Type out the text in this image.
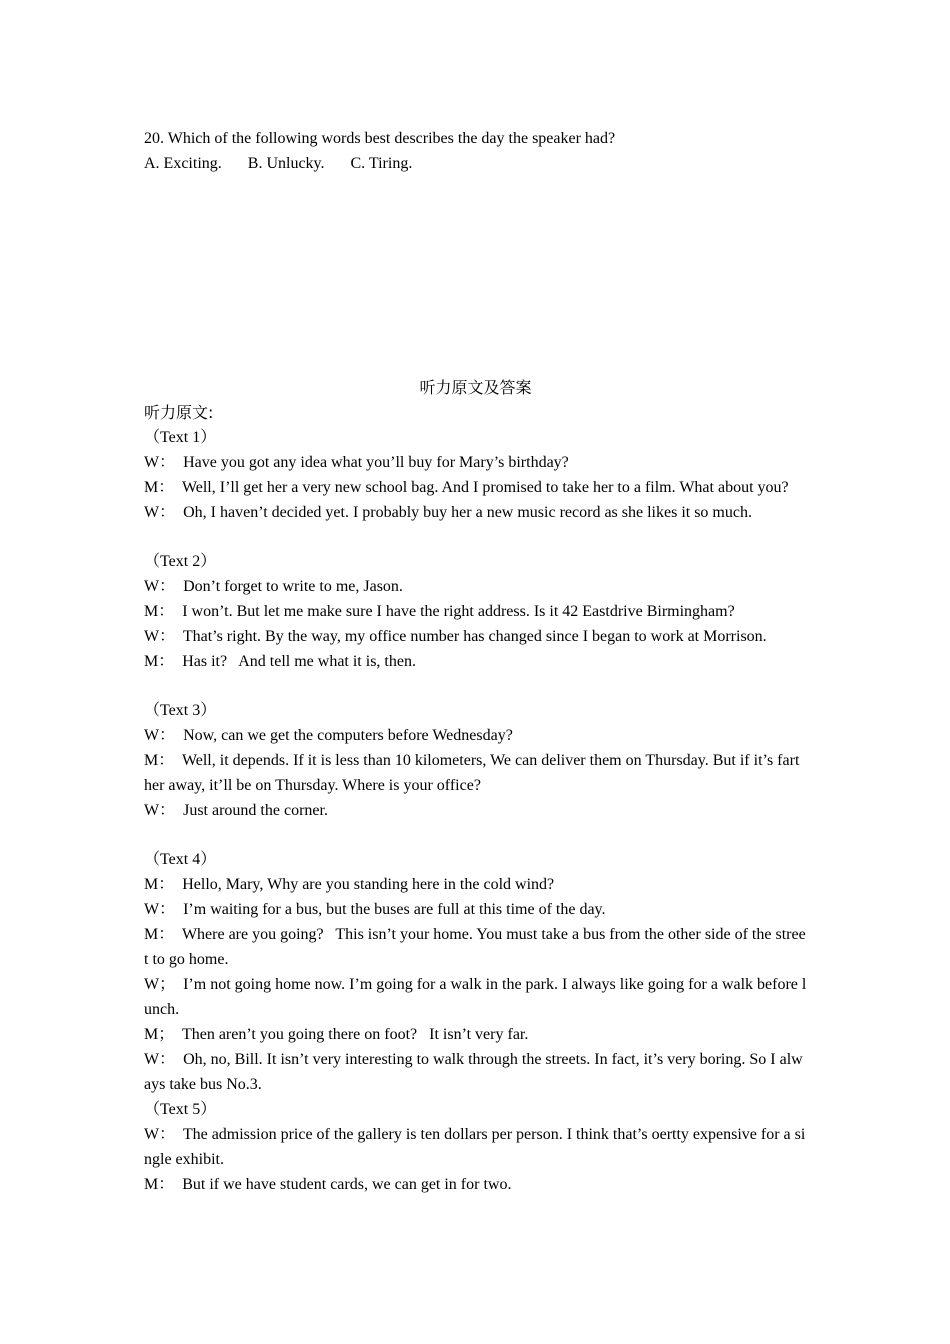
20. Which of the following words best describes the day the speaker had?
A. Exciting. B. Unlucky. C. Tiring.
听力原文及答案
听力原文:
（Text 1）
W：  Have you got any idea what you’ll buy for Mary’s birthday?
M：  Well, I’ll get her a very new school bag. And I promised to take her to a film. What about you?
W：  Oh, I haven’t decided yet. I probably buy her a new music record as she likes it so much.
（Text 2）
W：  Don’t forget to write to me, Jason.
M：  I won’t. But let me make sure I have the right address. Is it 42 Eastdrive Birmingham?
W：  That’s right. By the way, my office number has changed since I began to work at Morrison.
M：  Has it?   And tell me what it is, then.
（Text 3）
W：  Now, can we get the computers before Wednesday?
M：  Well, it depends. If it is less than 10 kilometers, We can deliver them on Thursday. But if it’s farther away, it’ll be on Thursday. Where is your office?
W：  Just around the corner.
（Text 4）
M：  Hello, Mary, Why are you standing here in the cold wind?
W：  I’m waiting for a bus, but the buses are full at this time of the day.
M：  Where are you going?   This isn’t your home. You must take a bus from the other side of the street to go home.
W；  I’m not going home now. I’m going for a walk in the park. I always like going for a walk before lunch.
M；  Then aren’t you going there on foot?   It isn’t very far.
W：  Oh, no, Bill. It isn’t very interesting to walk through the streets. In fact, it’s very boring. So I always take bus No.3.
（Text 5）
W：  The admission price of the gallery is ten dollars per person. I think that’s oertty expensive for a single exhibit.
M：  But if we have student cards, we can get in for two.
